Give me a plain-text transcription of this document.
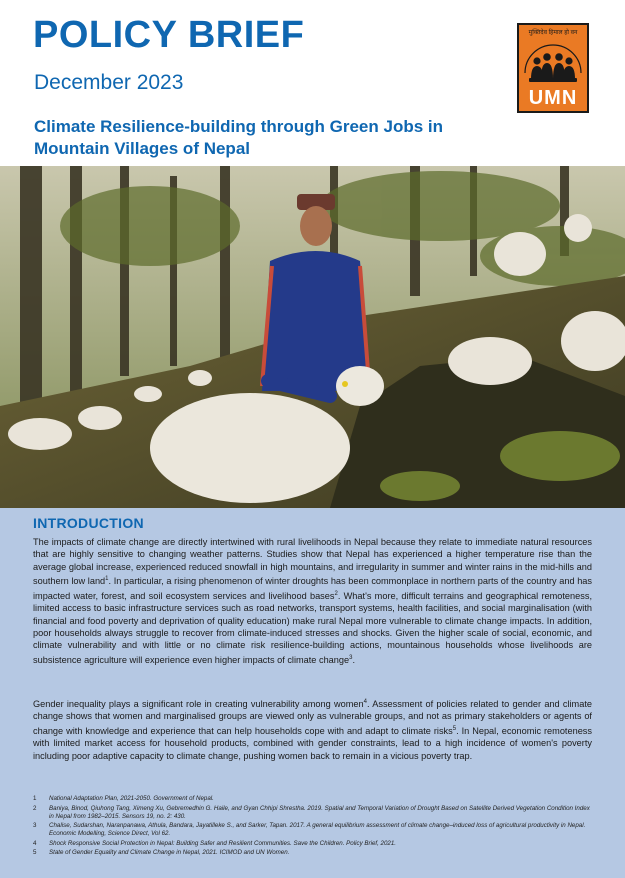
POLICY BRIEF
December 2023
Climate Resilience-building through Green Jobs in Mountain Villages of Nepal
मुक्तिदेव हिमाल हो वन
UMN
INTRODUCTION

The impacts of climate change are directly intertwined with rural livelihoods in Nepal because they relate to immediate natural resources that are highly sensitive to changing weather patterns. Studies show that Nepal has experienced a higher temperature rise than the average global increase, experienced reduced snowfall in high mountains, and irregularity in summer and winter rains in the mid-hills and southern low land$^1$. In particular, a rising phenomenon of winter droughts has been commonplace in northern parts of the country and has impacted water, forest, and soil ecosystem services and livelihood bases$^2$. What's more, difficult terrains and geographical remoteness, limited access to basic infrastructure services such as road networks, transport systems, health facilities, and social marginalisation (with financial and food poverty and deprivation of quality education) make rural Nepal more vulnerable to climate change impacts. In addition, poor households always struggle to recover from climate-induced stresses and shocks. Given the higher scale of social, economic, and climate vulnerability and with little or no climate risk resilience-building actions, mountainous households whose livelihoods are subsistence agriculture will experience even higher impacts of climate change$^3$.

Gender inequality plays a significant role in creating vulnerability among women$^4$. Assessment of policies related to gender and climate change shows that women and marginalised groups are viewed only as vulnerable groups, and not as primary stakeholders or agents of change with knowledge and experience that can help households cope with and adapt to climate risks$^5$. In Nepal, economic remoteness with limited market access for household products, combined with gender constraints, lead to a high incidence of women's poverty including poor adaptive capacity to climate change, pushing women back to remain in a vicious poverty trap.

1 National Adaptation Plan, 2021-2050. Government of Nepal.
2 Baniya, Binod, Qiuhong Tang, Ximeng Xu, Gebremedhin G. Haile, and Gyan Chhipi Shrestha. 2019. Spatial and Temporal Variation of Drought Based on Satellite Derived Vegetation Condition Index in Nepal from 1982–2015. Sensors 19, no. 2: 430.
3 Chalise, Sudarshan, Naranpanawa, Athula, Bandara, Jayatilleke S., and Sarker, Tapan. 2017. A general equilibrium assessment of climate change–induced loss of agricultural productivity in Nepal. Economic Modelling, Science Direct, Vol 62.
4 Shock Responsive Social Protection in Nepal: Building Safer and Resilient Communities. Save the Children. Policy Brief, 2021.
5 State of Gender Equality and Climate Change in Nepal, 2021. ICIMOD and UN Women.
